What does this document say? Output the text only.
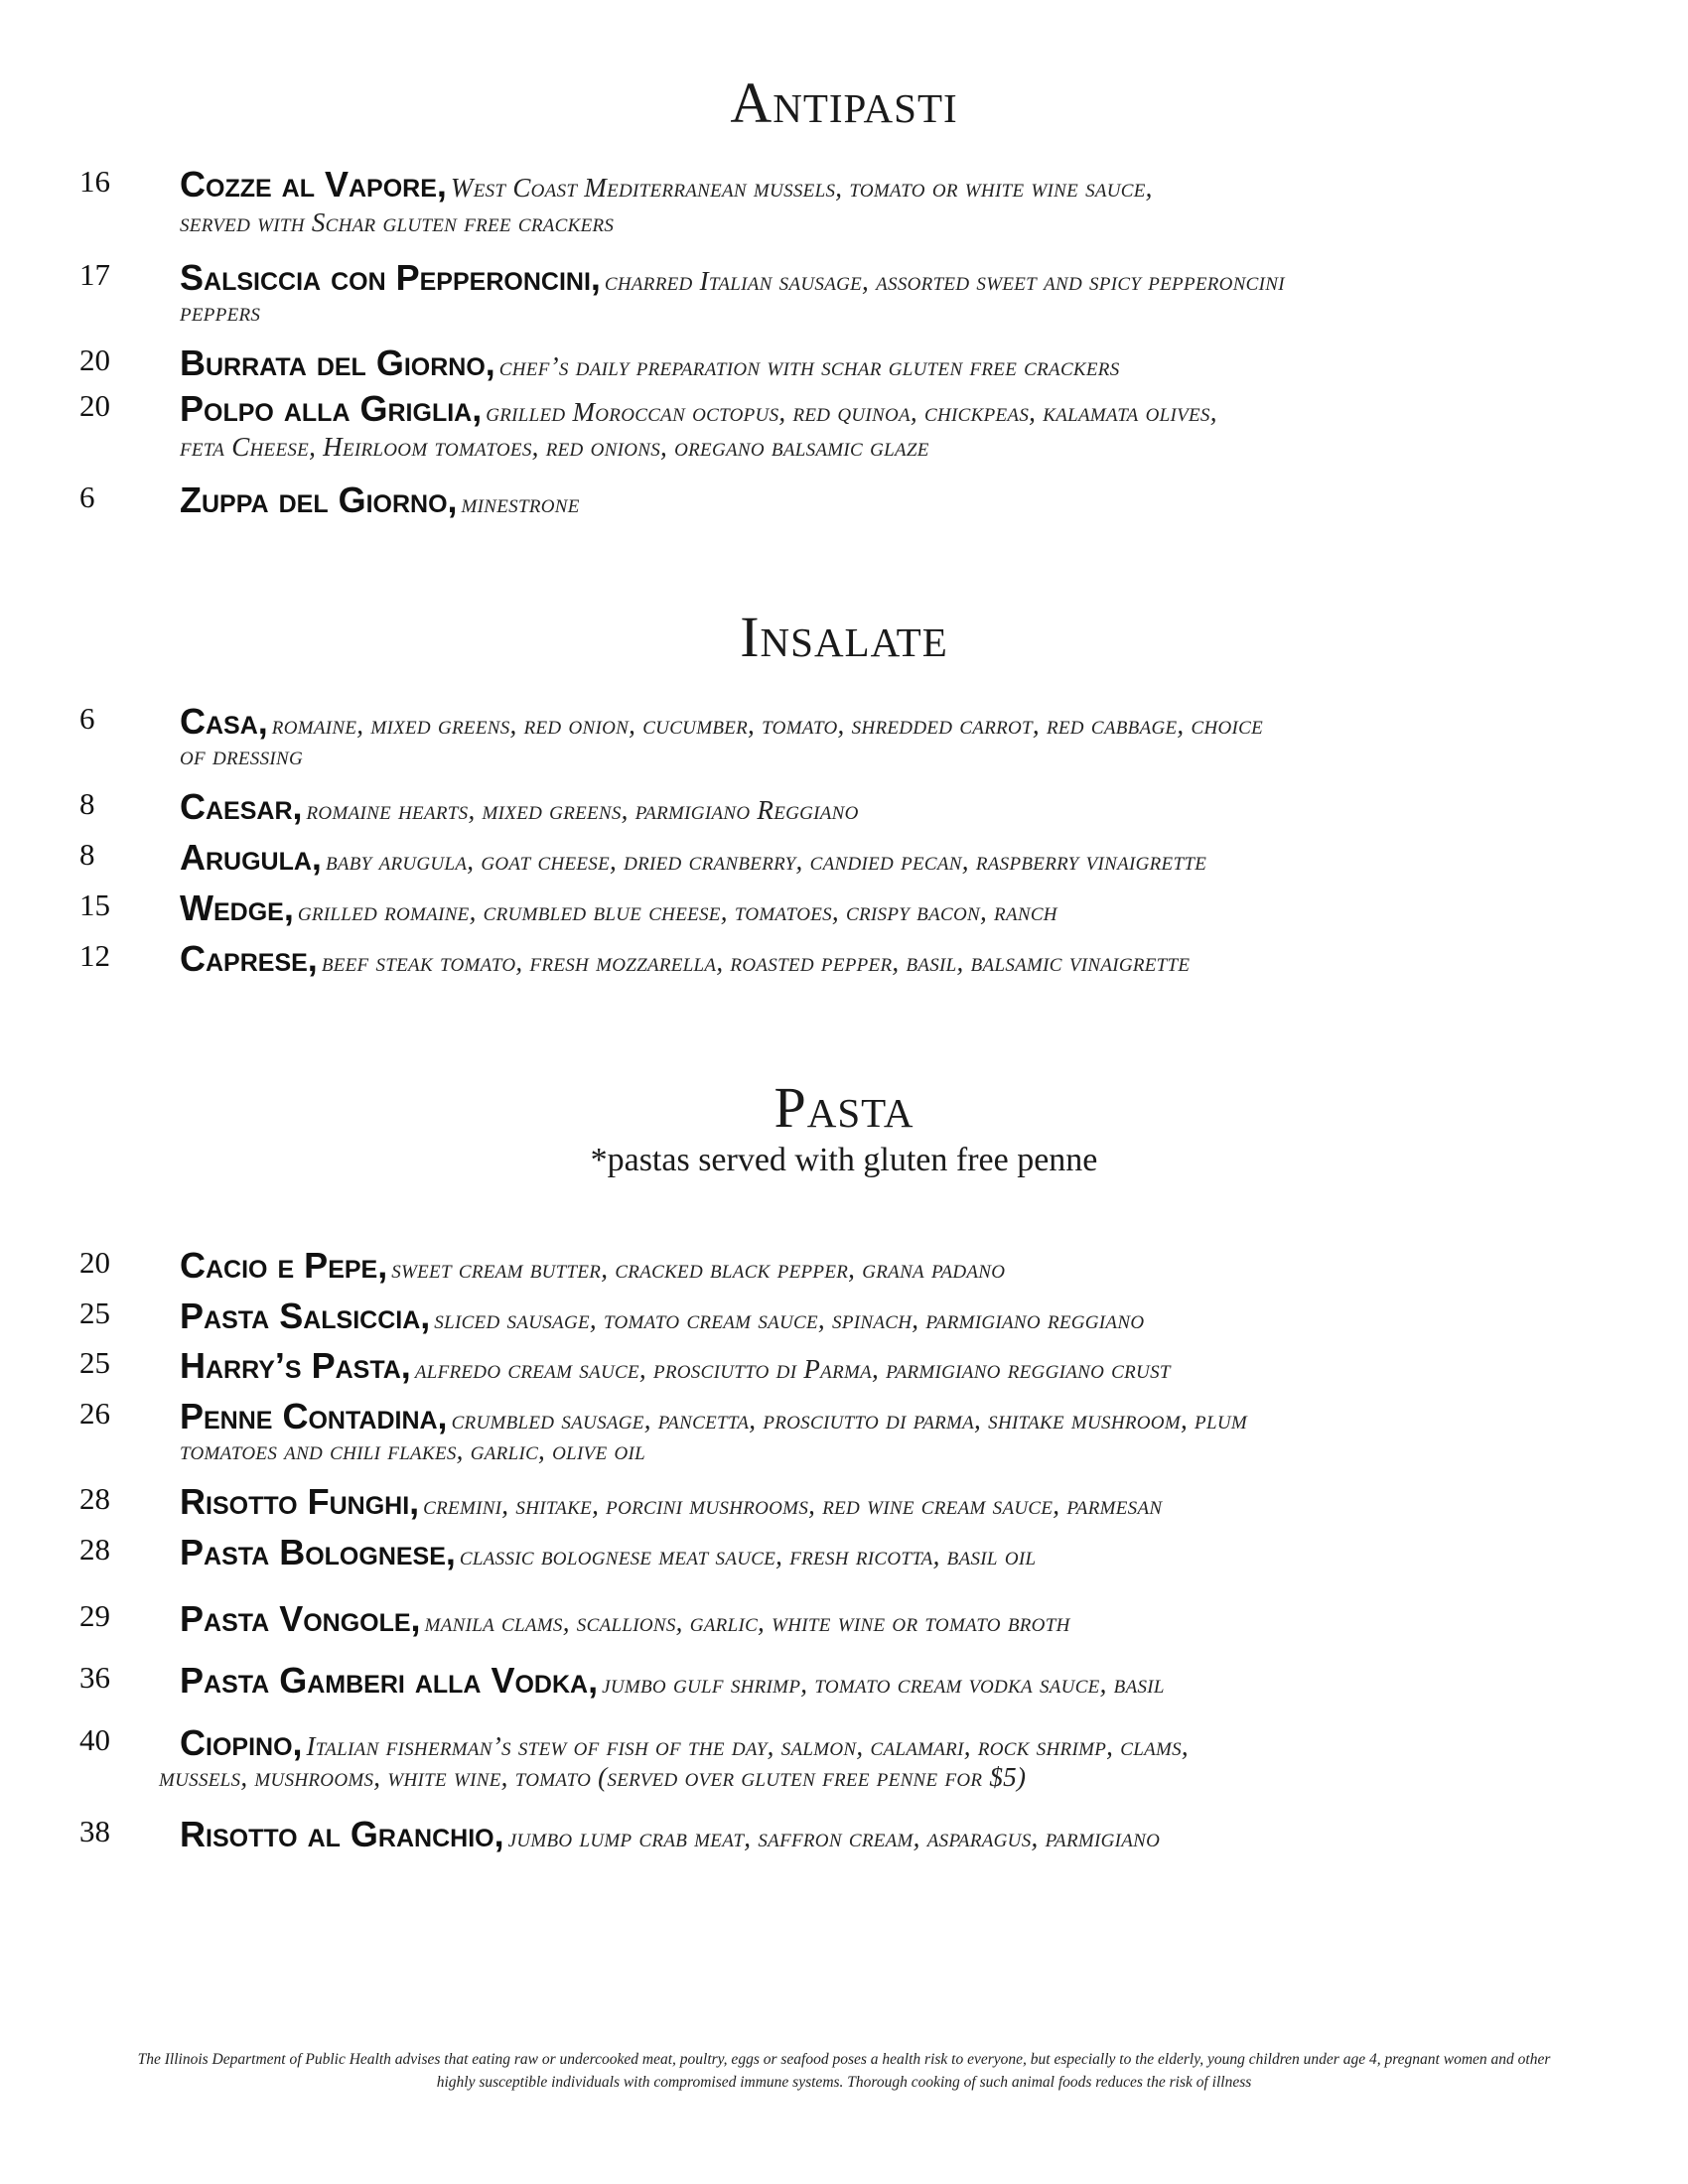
Antipasti
16 Cozze al Vapore, West Coast Mediterranean mussels, tomato or white wine sauce,
served with Schar gluten free crackers
17 Salsiccia con Pepperoncini, charred Italian sausage, assorted sweet and spicy pepperoncini
peppers
20 Burrata del Giorno, chef’s daily preparation with schar gluten free crackers
20 Polpo alla Griglia, grilled Moroccan octopus, red quinoa, chickpeas, kalamata olives,
feta Cheese, Heirloom tomatoes, red onions, oregano balsamic glaze
6 Zuppa del Giorno, minestrone
Insalate
6 Casa, romaine, mixed greens, red onion, cucumber, tomato, shredded carrot, red cabbage, choice
of dressing
8 Caesar, romaine hearts, mixed greens, parmigiano Reggiano
8 Arugula, baby arugula, goat cheese, dried cranberry, candied pecan, raspberry vinaigrette
15 Wedge, grilled romaine, crumbled blue cheese, tomatoes, crispy bacon, ranch
12 Caprese, beef steak tomato, fresh mozzarella, roasted pepper, basil, balsamic vinaigrette
Pasta
*pastas served with gluten free penne
20 Cacio e Pepe, sweet cream butter, cracked black pepper, grana padano
25 Pasta Salsiccia, sliced sausage, tomato cream sauce, spinach, parmigiano reggiano
25 Harry’s Pasta, alfredo cream sauce, prosciutto di Parma, parmigiano reggiano crust
26 Penne Contadina, crumbled sausage, pancetta, prosciutto di parma, shitake mushroom, plum
tomatoes and chili flakes, garlic, olive oil
28 Risotto Funghi, cremini, shitake, porcini mushrooms, red wine cream sauce, parmesan
28 Pasta Bolognese, classic bolognese meat sauce, fresh ricotta, basil oil
29 Pasta Vongole, manila clams, scallions, garlic, white wine or tomato broth
36 Pasta Gamberi alla Vodka, jumbo gulf shrimp, tomato cream vodka sauce, basil
40 Ciopino, Italian fisherman’s stew of fish of the day, salmon, calamari, rock shrimp, clams,
mussels, mushrooms, white wine, tomato (served over gluten free penne for $5)
38 Risotto al Granchio, jumbo lump crab meat, saffron cream, asparagus, parmigiano
The Illinois Department of Public Health advises that eating raw or undercooked meat, poultry, eggs or seafood poses a health risk to everyone, but especially to the elderly, young children under age 4, pregnant women and other
highly susceptible individuals with compromised immune systems. Thorough cooking of such animal foods reduces the risk of illness
